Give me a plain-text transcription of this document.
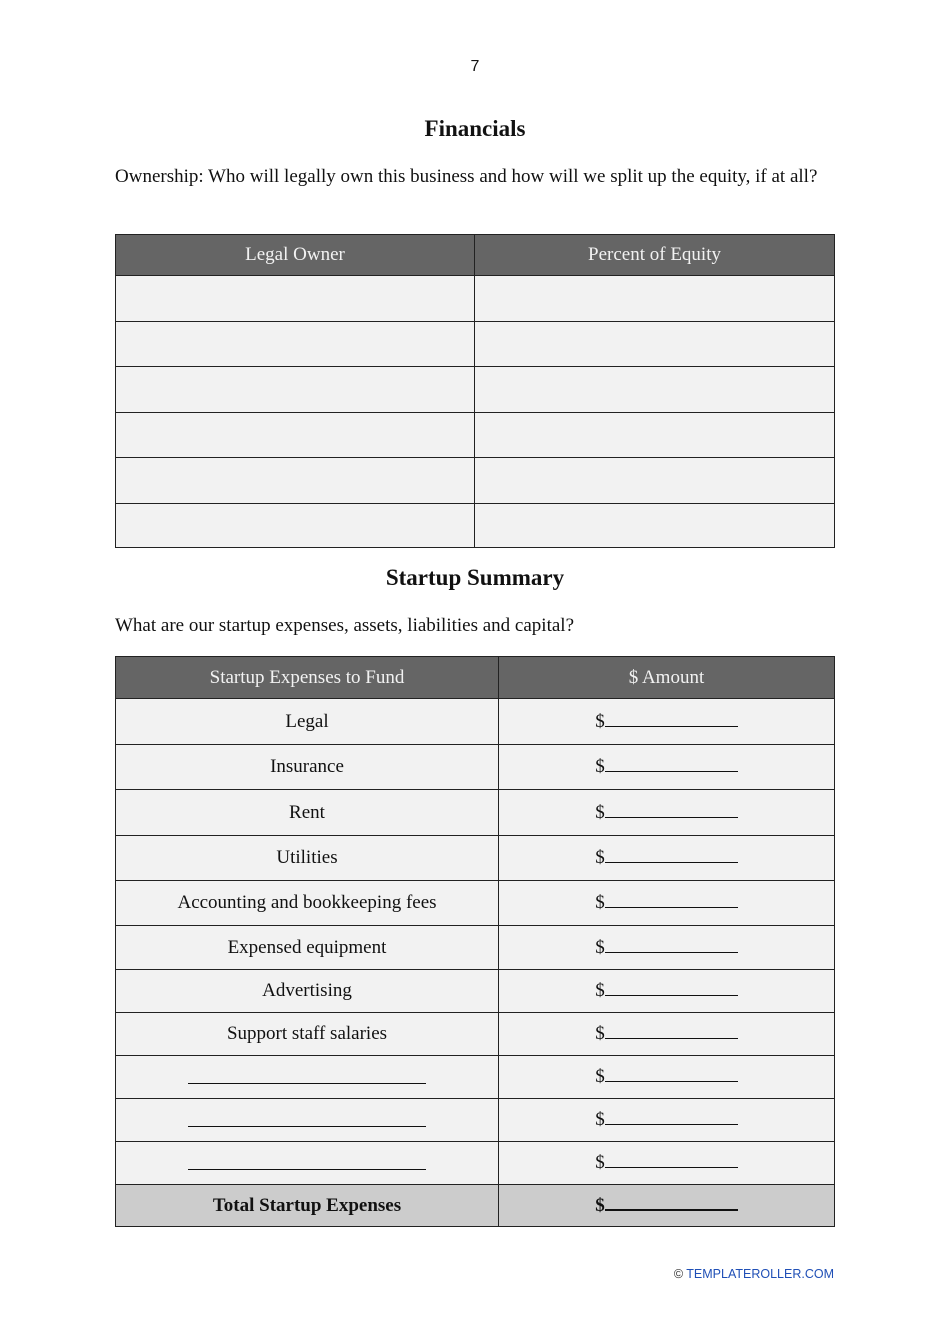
7
Financials
Ownership: Who will legally own this business and how will we split up the equity, if at all?
Legal Owner	Percent of Equity

Startup Summary
What are our startup expenses, assets, liabilities and capital?
Startup Expenses to Fund	$ Amount
Legal	$
Insurance	$
Rent	$
Utilities	$
Accounting and bookkeeping fees	$
Expensed equipment	$
Advertising	$
Support staff salaries	$
	$
	$
	$
Total Startup Expenses	$
© TEMPLATEROLLER.COM
